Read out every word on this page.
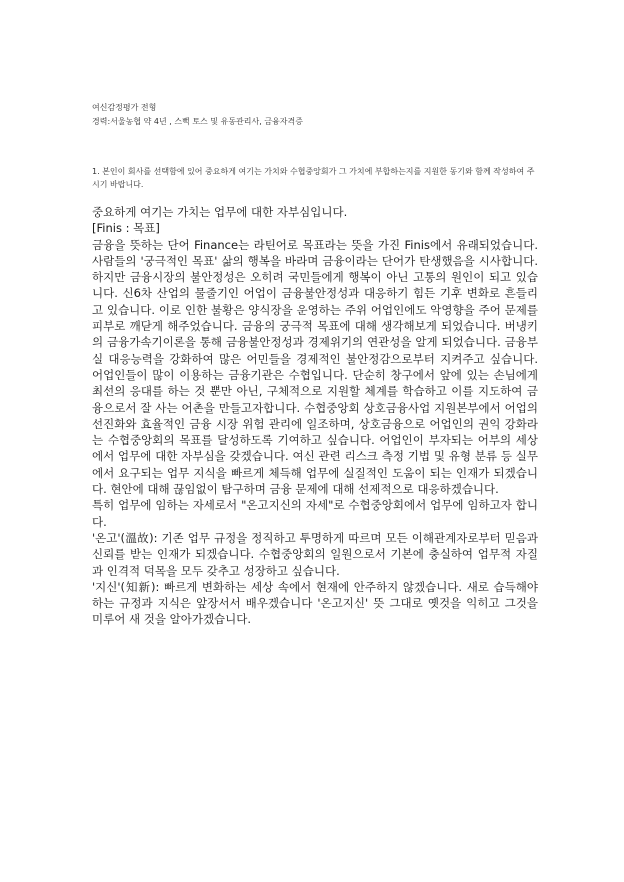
여신감정평가 전형
경력:서울농협 약 4년 , 스뻑 토스 및 유동관리사, 금융자격증
1. 본인이 회사를 선택함에 있어 중요하게 여기는 가치와 수협중앙회가 그 가치에 부합하는지를 지원한 동기와 함께 작성하여 주시기 바랍니다.

중요하게 여기는 가치는 업무에 대한 자부심입니다.

[Finis : 목표]

금융을 뜻하는 단어 Finance는 라틴어로 목표라는 뜻을 가진 Finis에서 유래되었습니다. 사람들의 '궁극적인 목표' 삶의 행복을 바라며 금융이라는 단어가 탄생했음을 시사합니다. 하지만 금융시장의 불안정성은 오히려 국민들에게 행복이 아닌 고통의 원인이 되고 있습니다. 신6차 산업의 물줄기인 어업이 금융불안정성과 대응하기 힘든 기후 변화로 흔들리고 있습니다. 이로 인한 불황은 양식장을 운영하는 주위 어업인에도 악영향을 주어 문제를 피부로 깨닫게 해주었습니다. 금융의 궁극적 목표에 대해 생각해보게 되었습니다. 버냉키의 금융가속기이론을 통해 금융불안정성과 경제위기의 연관성을 알게 되었습니다. 금융부실 대응능력을 강화하여 많은 어민들을 경제적인 불안정감으로부터 지켜주고 싶습니다. 어업인들이 많이 이용하는 금융기관은 수협입니다. 단순히 창구에서 앞에 있는 손님에게 최선의 응대를 하는 것 뿐만 아닌, 구체적으로 지원할 체계를 학습하고 이를 지도하여 금융으로서 잘 사는 어촌을 만들고자합니다. 수협중앙회 상호금융사업 지원본부에서 어업의 선진화와 효율적인 금융 시장 위험 관리에 일조하며, 상호금융으로 어업인의 권익 강화라는 수협중앙회의 목표를 달성하도록 기여하고 싶습니다. 어업인이 부자되는 어부의 세상에서 업무에 대한 자부심을 갖겠습니다. 여신 관련 리스크 측정 기법 및 유형 분류 등 실무에서 요구되는 업무 지식을 빠르게 체득해 업무에 실질적인 도움이 되는 인재가 되겠습니다. 현안에 대해 끊임없이 탐구하며 금융 문제에 대해 선제적으로 대응하겠습니다.

특히 업무에 임하는 자세로서 "온고지신의 자세"로 수협중앙회에서 업무에 임하고자 합니다.

'온고'(溫故): 기존 업무 규정을 정직하고 투명하게 따르며 모든 이해관계자로부터 믿음과 신뢰를 받는 인재가 되겠습니다. 수협중앙회의 일원으로서 기본에 충실하여 업무적 자질과 인격적 덕목을 모두 갖추고 성장하고 싶습니다.

'지신'(知新): 빠르게 변화하는 세상 속에서 현재에 안주하지 않겠습니다. 새로 습득해야 하는 규정과 지식은 앞장서서 배우겠습니다 '온고지신' 뜻 그대로 옛것을 익히고 그것을 미루어 새 것을 알아가겠습니다.
